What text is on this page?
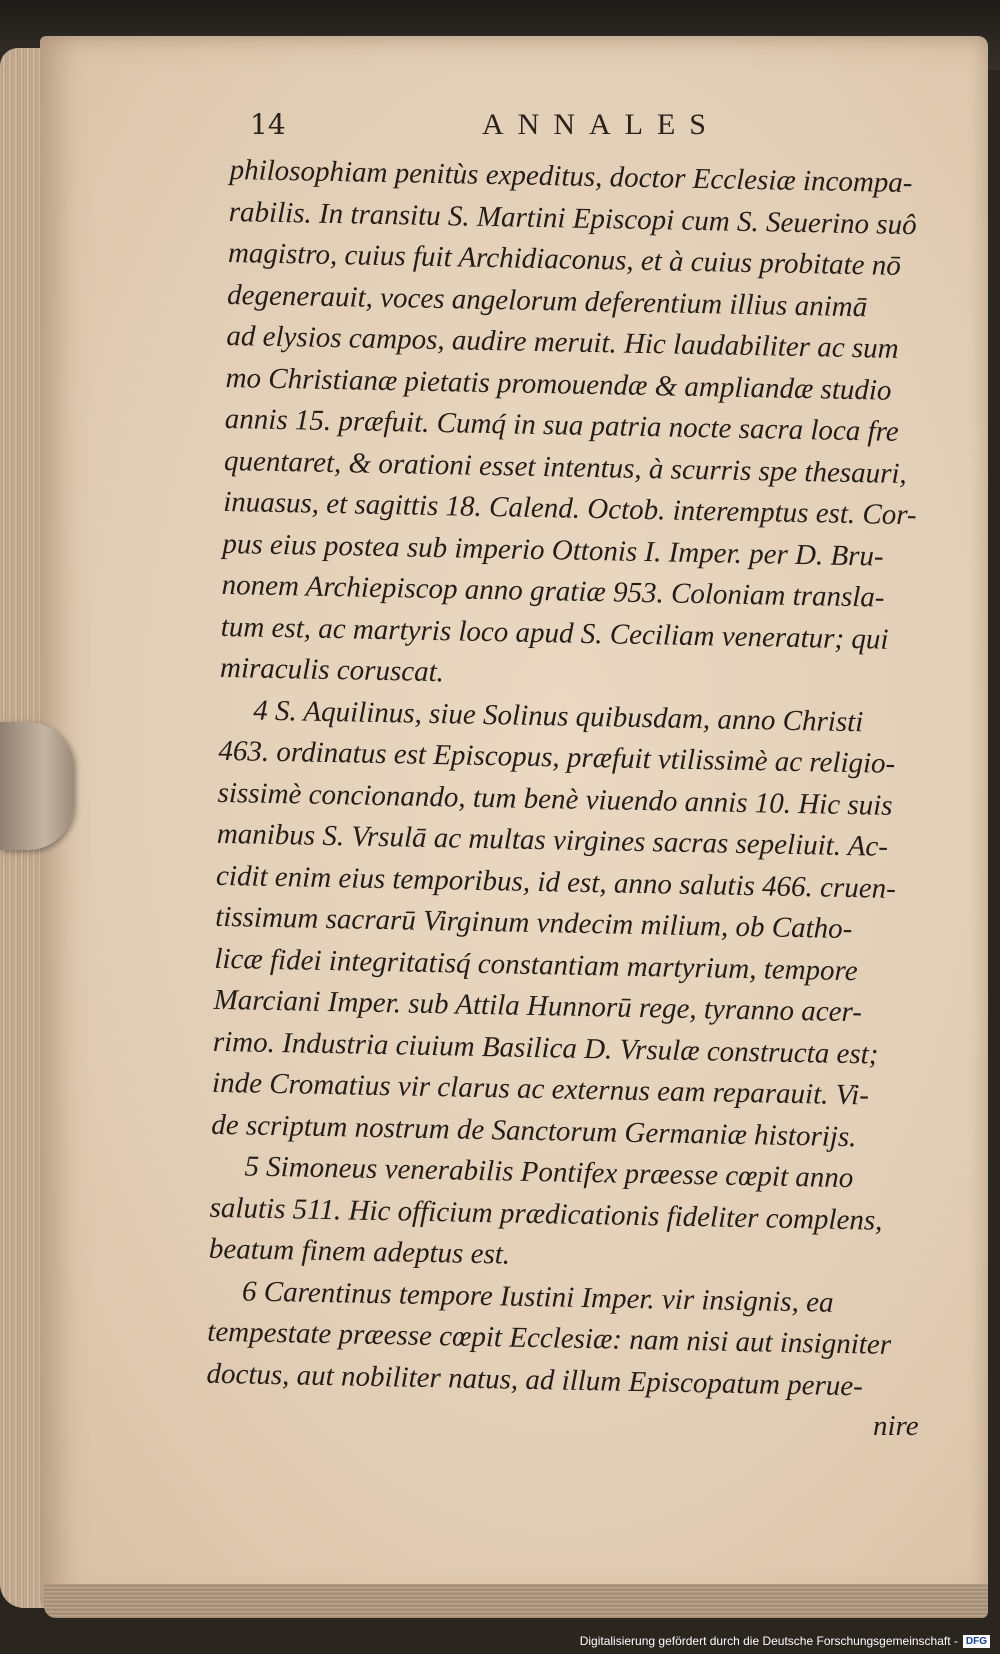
14	ANNALES
philosophiam penitùs expeditus, doctor Ecclesiæ incompa-
rabilis. In transitu S. Martini Episcopi cum S. Seuerino suô
magistro, cuius fuit Archidiaconus, et à cuius probitate nō
degenerauit, voces angelorum deferentium illius animā
ad elysios campos, audire meruit. Hic laudabiliter ac sum
mo Christianæ pietatis promouendæ & ampliandæ studio
annis 15. præfuit. Cumq́ in sua patria nocte sacra loca fre
quentaret, & orationi esset intentus, à scurris spe thesauri,
inuasus, et sagittis 18. Calend. Octob. interemptus est. Cor-
pus eius postea sub imperio Ottonis I. Imper. per D. Bru-
nonem Archiepiscop anno gratiæ 953. Coloniam transla-
tum est, ac martyris loco apud S. Ceciliam veneratur; qui
miraculis coruscat.
4 S. Aquilinus, siue Solinus quibusdam, anno Christi
463. ordinatus est Episcopus, præfuit vtilissimè ac religio-
sissimè concionando, tum benè viuendo annis 10. Hic suis
manibus S. Vrsulā ac multas virgines sacras sepeliuit. Ac-
cidit enim eius temporibus, id est, anno salutis 466. cruen-
tissimum sacrarū Virginum vndecim milium, ob Catho-
licæ fidei integritatisq́ constantiam martyrium, tempore
Marciani Imper. sub Attila Hunnorū rege, tyranno acer-
rimo. Industria ciuium Basilica D. Vrsulæ constructa est;
inde Cromatius vir clarus ac externus eam reparauit. Vi-
de scriptum nostrum de Sanctorum Germaniæ historijs.
5 Simoneus venerabilis Pontifex præesse cœpit anno
salutis 511. Hic officium prædicationis fideliter complens,
beatum finem adeptus est.
6 Carentinus tempore Iustini Imper. vir insignis, ea
tempestate præesse cœpit Ecclesiæ: nam nisi aut insigniter
doctus, aut nobiliter natus, ad illum Episcopatum perue-
nire
Digitalisierung gefördert durch die Deutsche Forschungsgemeinschaft - DFG
